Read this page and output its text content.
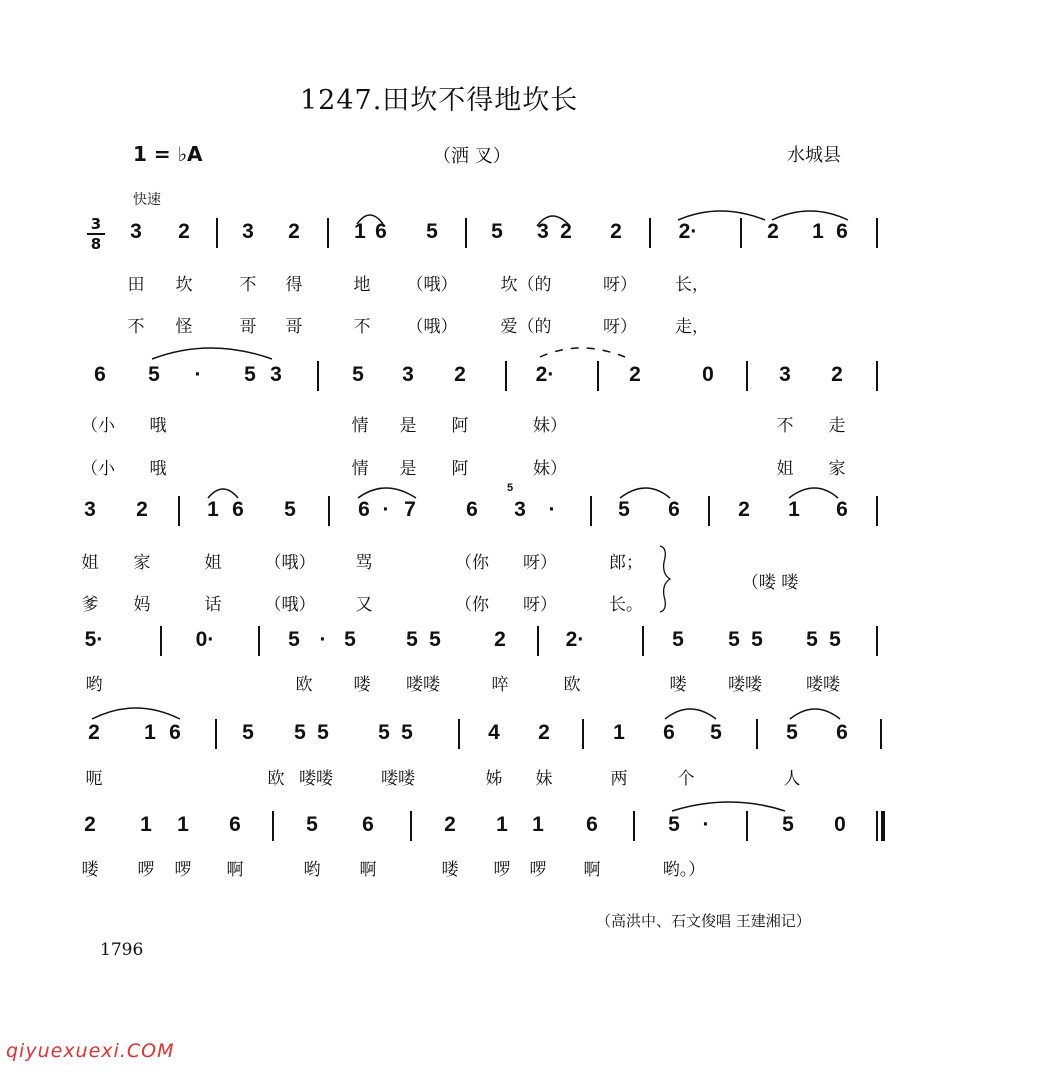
1247.田坎不得地坎长
1 = ♭A	（洒 叉）	水城县
快速
3
8
3 2 3 2	1 6 5	5 3 2 2	2·	2 1 6
田 坎	不 得	地 （哦）	坎（的	呀） 长，
不 怪	哥 哥	不 （哦）	爱（的	呀） 走，
6 5 · 5 3	5 3 2	2·	2	0	3 2
（小 哦	情 是 阿	妹）	不 走
（小 哦	情 是 阿	妹）	姐 家
3 2	1 6 5	6 · 7 6
5
3 ·	5 6	2 1 6
姐 家	姐	（哦） 骂	（你 呀）	郎；
爹 妈	话	（哦） 又	（你 呀）	长。
（喽 喽
5·	0·	5 · 5 5 5	2	2·	5 5 5 5 5
哟	欧 喽 喽喽	啐	欧	喽 喽喽	喽喽
2 1 6	5 5 5 5 5	4 2	1 6 5	5 6
呃	欧 喽喽	喽喽	姊 妹	两	个	人
2 1 1 6	5 6	2 1 1 6	5 ·	5 0
喽 啰 啰 啊	哟 啊	喽 啰 啰 啊	哟。）
（高洪中、石文俊唱 王建湘记）
1796
qiyuexuexi.COM
